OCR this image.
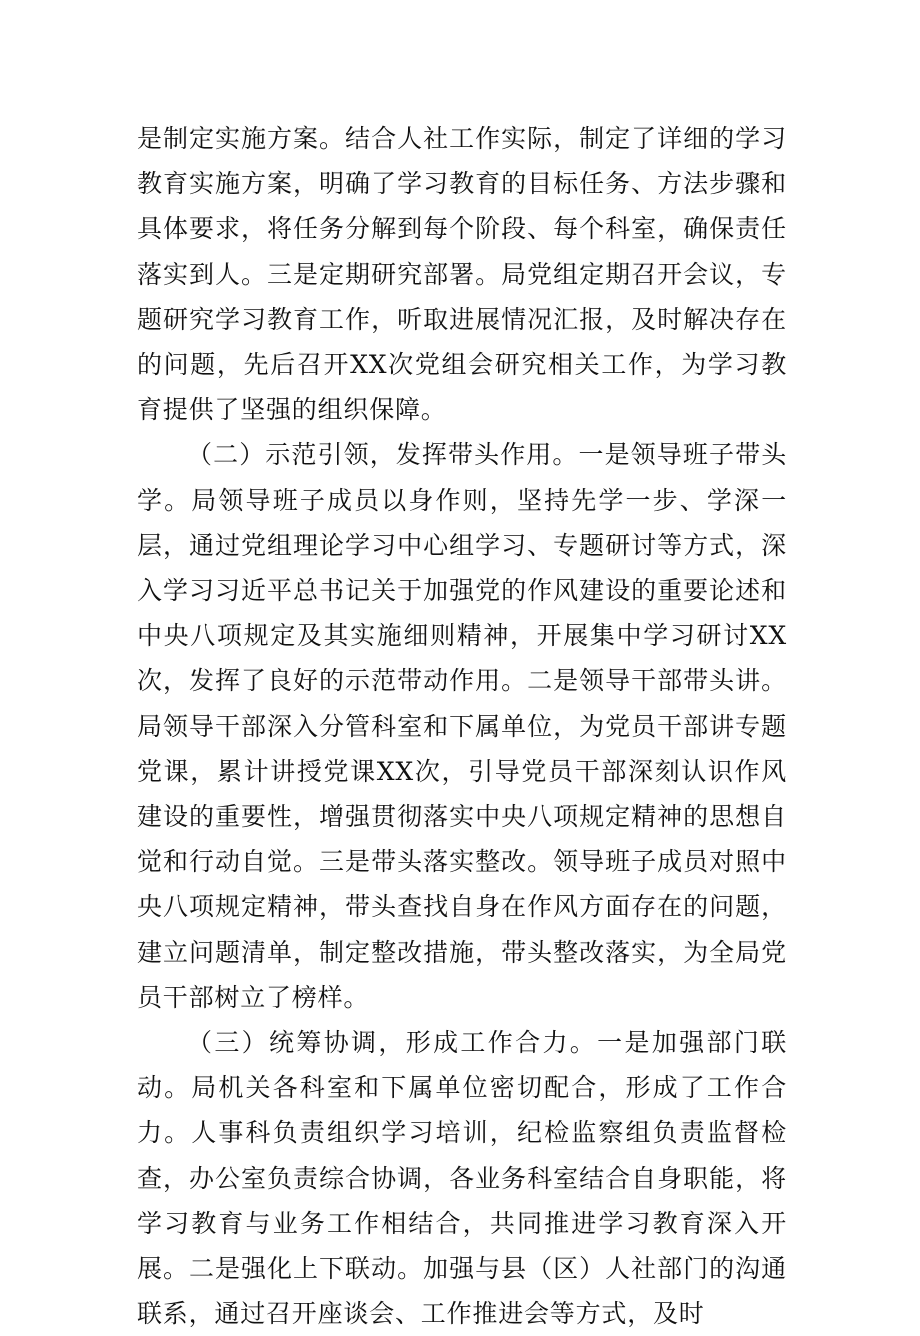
是制定实施方案。结合人社工作实际，制定了详细的学习教育实施方案，明确了学习教育的目标任务、方法步骤和具体要求，将任务分解到每个阶段、每个科室，确保责任落实到人。三是定期研究部署。局党组定期召开会议，专题研究学习教育工作，听取进展情况汇报，及时解决存在的问题，先后召开XX次党组会研究相关工作，为学习教育提供了坚强的组织保障。

（二）示范引领，发挥带头作用。一是领导班子带头学。局领导班子成员以身作则，坚持先学一步、学深一层，通过党组理论学习中心组学习、专题研讨等方式，深入学习习近平总书记关于加强党的作风建设的重要论述和中央八项规定及其实施细则精神，开展集中学习研讨XX次，发挥了良好的示范带动作用。二是领导干部带头讲。局领导干部深入分管科室和下属单位，为党员干部讲专题党课，累计讲授党课XX次，引导党员干部深刻认识作风建设的重要性，增强贯彻落实中央八项规定精神的思想自觉和行动自觉。三是带头落实整改。领导班子成员对照中央八项规定精神，带头查找自身在作风方面存在的问题，建立问题清单，制定整改措施，带头整改落实，为全局党员干部树立了榜样。

（三）统筹协调，形成工作合力。一是加强部门联动。局机关各科室和下属单位密切配合，形成了工作合力。人事科负责组织学习培训，纪检监察组负责监督检查，办公室负责综合协调，各业务科室结合自身职能，将学习教育与业务工作相结合，共同推进学习教育深入开展。二是强化上下联动。加强与县（区）人社部门的沟通联系，通过召开座谈会、工作推进会等方式，及时
